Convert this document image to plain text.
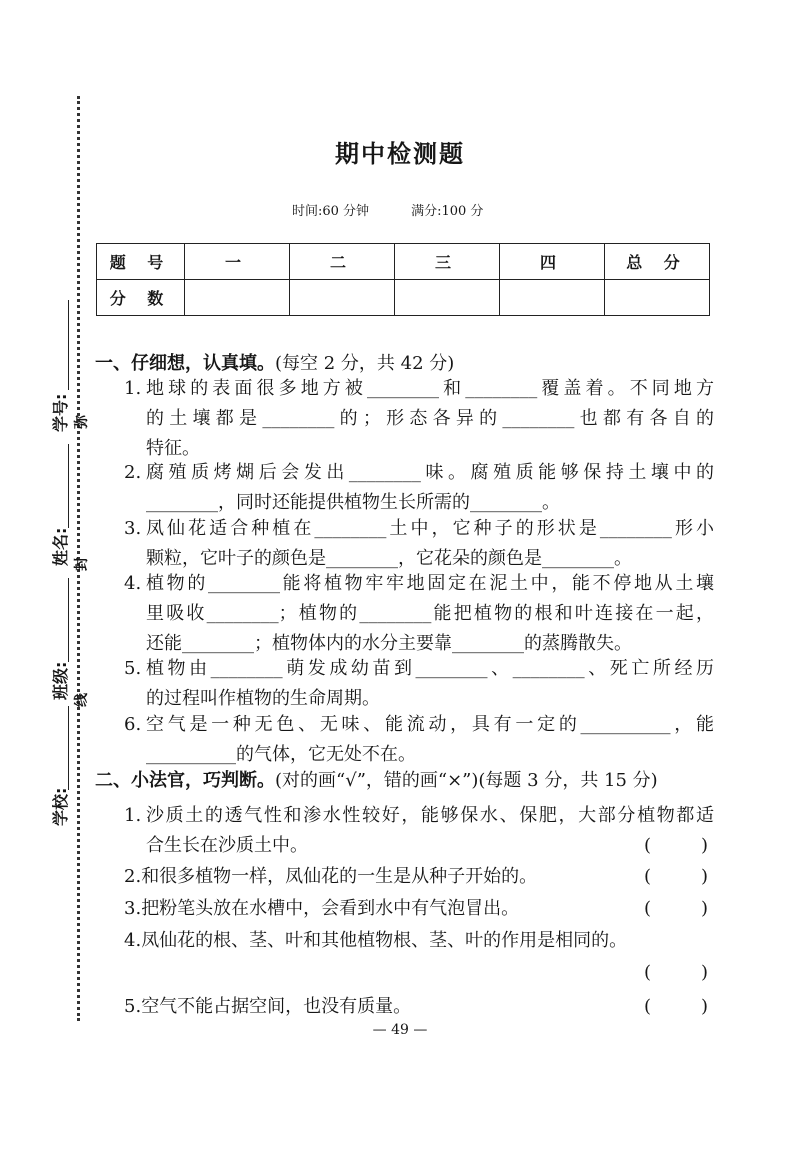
学号:
姓名:
班级:
学校:
弥
封
线
期中检测题
时间:60 分钟	满分:100 分
题 号	一	二	三	四	总 分
分 数					
一、仔细想，认真填。(每空 2 分，共 42 分)
1. 地球的表面很多地方被________和________覆盖着。不同地方
的土壤都是________的；形态各异的________也都有各自的
特征。
2. 腐殖质烤煳后会发出________味。腐殖质能够保持土壤中的
________，同时还能提供植物生长所需的________。
3. 凤仙花适合种植在________土中，它种子的形状是________形小
颗粒，它叶子的颜色是________，它花朵的颜色是________。
4. 植物的________能将植物牢牢地固定在泥土中，能不停地从土壤
里吸收________；植物的________能把植物的根和叶连接在一起，
还能________；植物体内的水分主要靠________的蒸腾散失。
5. 植物由________萌发成幼苗到________、________、死亡所经历
的过程叫作植物的生命周期。
6. 空气是一种无色、无味、能流动，具有一定的__________，能
__________的气体，它无处不在。
二、小法官，巧判断。(对的画“√”，错的画“×”)(每题 3 分，共 15 分)
1. 沙质土的透气性和渗水性较好，能够保水、保肥，大部分植物都适
合生长在沙质土中。	(	)
2.和很多植物一样，凤仙花的一生是从种子开始的。	(	)
3.把粉笔头放在水槽中，会看到水中有气泡冒出。	(	)
4.凤仙花的根、茎、叶和其他植物根、茎、叶的作用是相同的。
(	)
5.空气不能占据空间，也没有质量。	(	)
— 49 —
